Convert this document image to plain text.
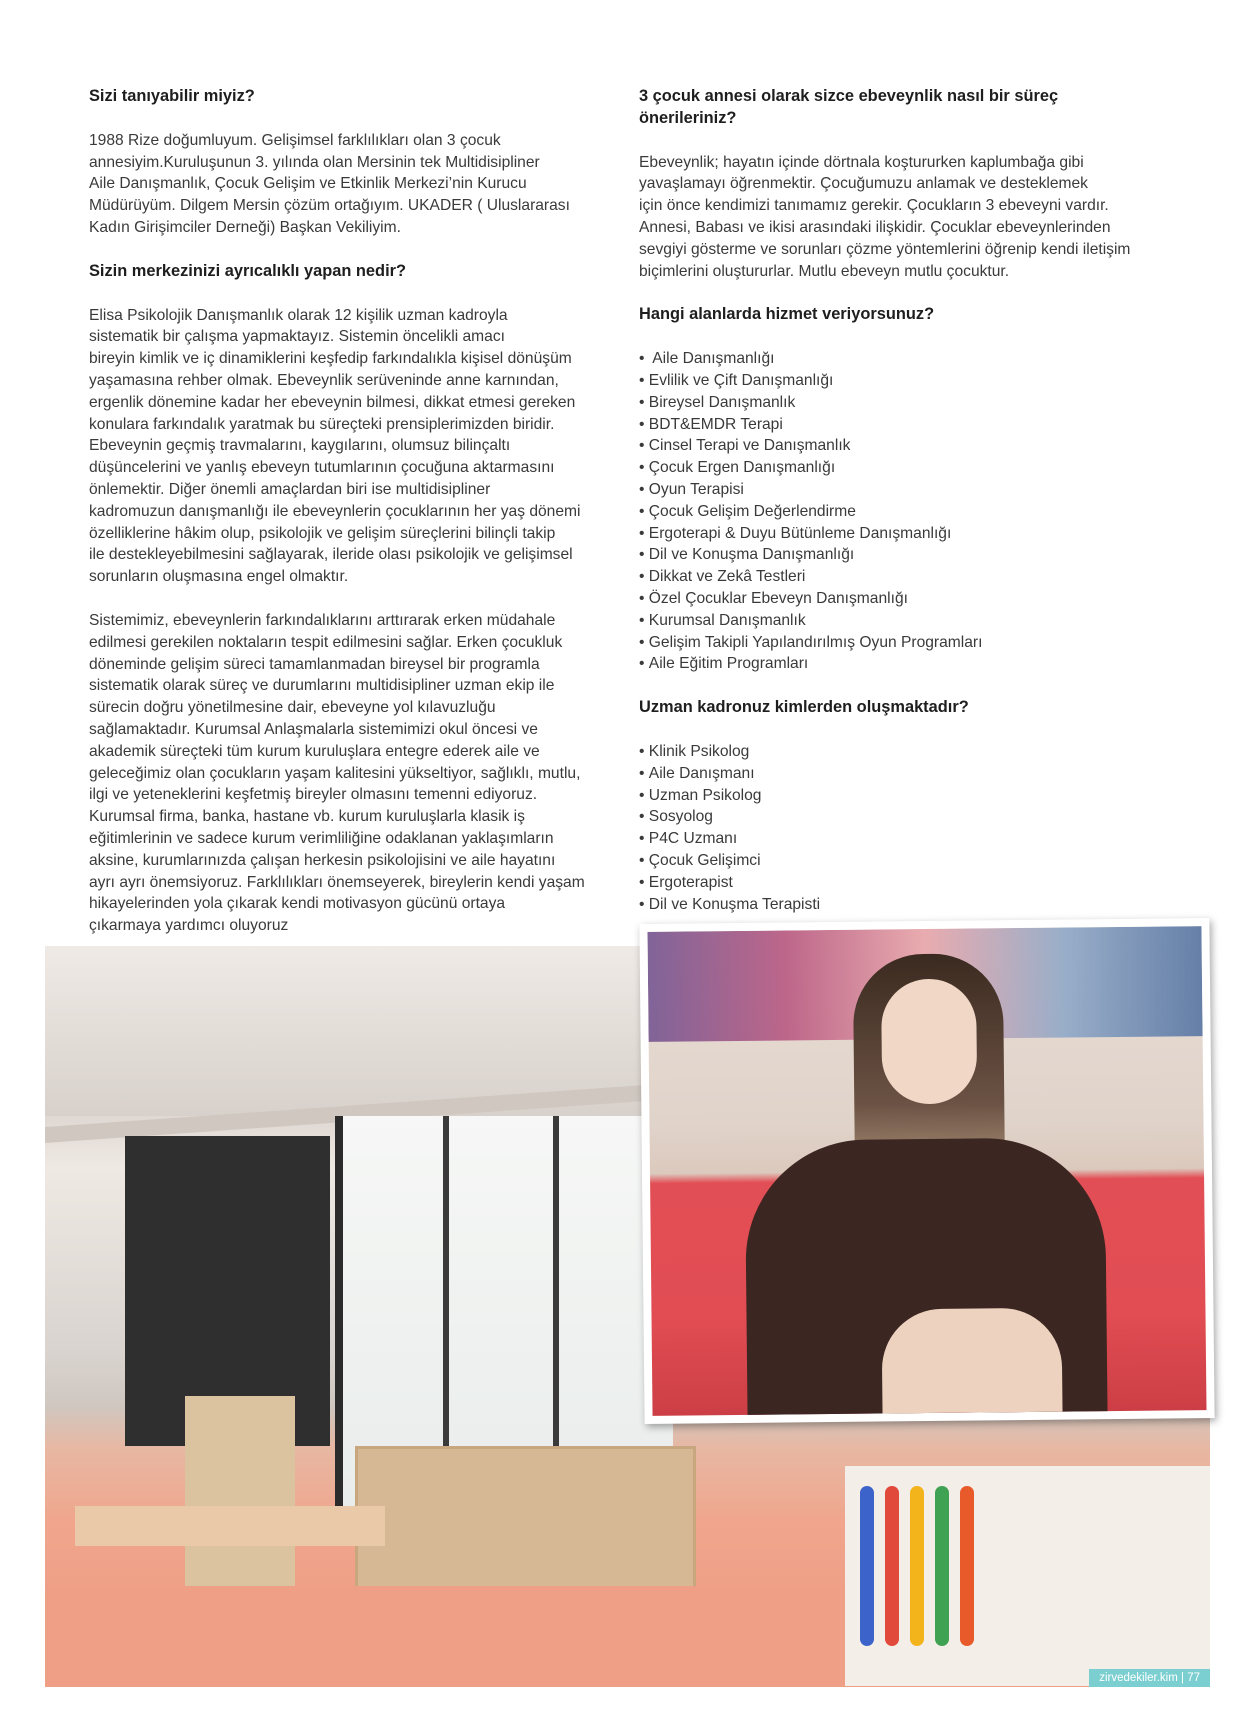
Sizi tanıyabilir miyiz?
1988 Rize doğumluyum. Gelişimsel farklılıkları olan 3 çocuk
annesiyim.Kuruluşunun 3. yılında olan Mersinin tek Multidisipliner
Aile Danışmanlık, Çocuk Gelişim ve Etkinlik Merkezi’nin Kurucu
Müdürüyüm. Dilgem Mersin çözüm ortağıyım. UKADER ( Uluslararası
Kadın Girişimciler Derneği) Başkan Vekiliyim.
Sizin merkezinizi ayrıcalıklı yapan nedir?
Elisa Psikolojik Danışmanlık olarak 12 kişilik uzman kadroyla
sistematik bir çalışma yapmaktayız. Sistemin öncelikli amacı
bireyin kimlik ve iç dinamiklerini keşfedip farkındalıkla kişisel dönüşüm
yaşamasına rehber olmak. Ebeveynlik serüveninde anne karnından,
ergenlik dönemine kadar her ebeveynin bilmesi, dikkat etmesi gereken
konulara farkındalık yaratmak bu süreçteki prensiplerimizden biridir.
Ebeveynin geçmiş travmalarını, kaygılarını, olumsuz bilinçaltı
düşüncelerini ve yanlış ebeveyn tutumlarının çocuğuna aktarmasını
önlemektir. Diğer önemli amaçlardan biri ise multidisipliner
kadromuzun danışmanlığı ile ebeveynlerin çocuklarının her yaş dönemi
özelliklerine hâkim olup, psikolojik ve gelişim süreçlerini bilinçli takip
ile destekleyebilmesini sağlayarak, ileride olası psikolojik ve gelişimsel
sorunların oluşmasına engel olmaktır.
Sistemimiz, ebeveynlerin farkındalıklarını arttırarak erken müdahale
edilmesi gerekilen noktaların tespit edilmesini sağlar. Erken çocukluk
döneminde gelişim süreci tamamlanmadan bireysel bir programla
sistematik olarak süreç ve durumlarını multidisipliner uzman ekip ile
sürecin doğru yönetilmesine dair, ebeveyne yol kılavuzluğu
sağlamaktadır. Kurumsal Anlaşmalarla sistemimizi okul öncesi ve
akademik süreçteki tüm kurum kuruluşlara entegre ederek aile ve
geleceğimiz olan çocukların yaşam kalitesini yükseltiyor, sağlıklı, mutlu,
ilgi ve yeteneklerini keşfetmiş bireyler olmasını temenni ediyoruz.
Kurumsal firma, banka, hastane vb. kurum kuruluşlarla klasik iş
eğitimlerinin ve sadece kurum verimliliğine odaklanan yaklaşımların
aksine, kurumlarınızda çalışan herkesin psikolojisini ve aile hayatını
ayrı ayrı önemsiyoruz. Farklılıkları önemseyerek, bireylerin kendi yaşam
hikayelerinden yola çıkarak kendi motivasyon gücünü ortaya
çıkarmaya yardımcı oluyoruz
3 çocuk annesi olarak sizce ebeveynlik nasıl bir süreç
önerileriniz?
Ebeveynlik; hayatın içinde dörtnala koştururken kaplumbağa gibi
yavaşlamayı öğrenmektir. Çocuğumuzu anlamak ve desteklemek
için önce kendimizi tanımamız gerekir. Çocukların 3 ebeveyni vardır.
Annesi, Babası ve ikisi arasındaki ilişkidir. Çocuklar ebeveynlerinden
sevgiyi gösterme ve sorunları çözme yöntemlerini öğrenip kendi iletişim
biçimlerini oluştururlar. Mutlu ebeveyn mutlu çocuktur.
Hangi alanlarda hizmet veriyorsunuz?
•  Aile Danışmanlığı
• Evlilik ve Çift Danışmanlığı
• Bireysel Danışmanlık
• BDT&EMDR Terapi
• Cinsel Terapi ve Danışmanlık
• Çocuk Ergen Danışmanlığı
• Oyun Terapisi
• Çocuk Gelişim Değerlendirme
• Ergoterapi & Duyu Bütünleme Danışmanlığı
• Dil ve Konuşma Danışmanlığı
• Dikkat ve Zekâ Testleri
• Özel Çocuklar Ebeveyn Danışmanlığı
• Kurumsal Danışmanlık
• Gelişim Takipli Yapılandırılmış Oyun Programları
• Aile Eğitim Programları
Uzman kadronuz kimlerden oluşmaktadır?
• Klinik Psikolog
• Aile Danışmanı
• Uzman Psikolog
• Sosyolog
• P4C Uzmanı
• Çocuk Gelişimci
• Ergoterapist
• Dil ve Konuşma Terapisti
zirvedekiler.kim | 77
